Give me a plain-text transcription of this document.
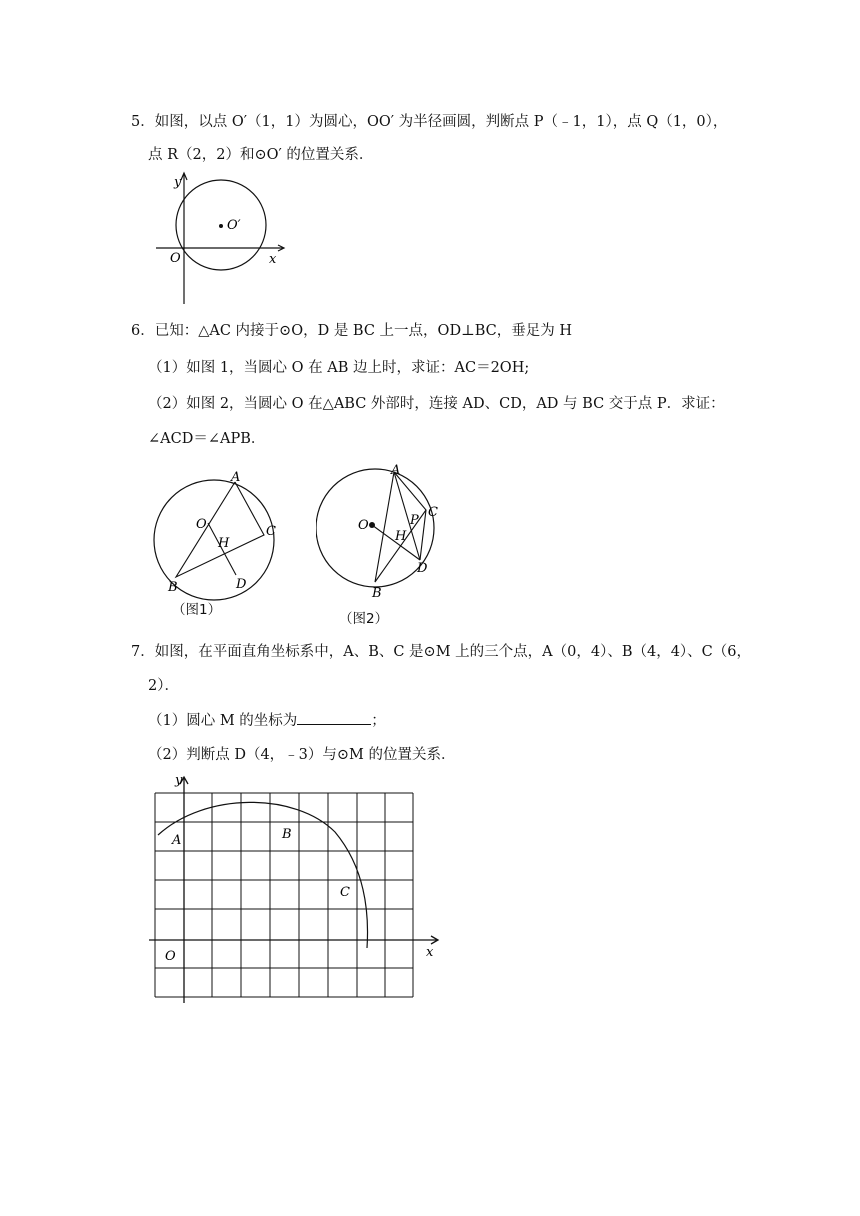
5．如图，以点 O′（1，1）为圆心，OO′ 为半径画圆，判断点 P（﹣1，1），点 Q（1，0），
点 R（2，2）和⊙O′ 的位置关系．
O′
y
x
O
6．已知：△AC 内接于⊙O，D 是 BC 上一点，OD⊥BC，垂足为 H
（1）如图 1，当圆心 O 在 AB 边上时，求证：AC＝2OH;
（2）如图 2，当圆心 O 在△ABC 外部时，连接 AD、CD，AD 与 BC 交于点 P．求证：
∠ACD＝∠APB．
A
C
B	D
O
H
（图1）
A
C
B
D
O
H
P
（图2）
7．如图，在平面直角坐标系中，A、B、C 是⊙M 上的三个点，A（0，4）、B（4，4）、C（6，
2）．
（1）圆心 M 的坐标为	；
（2）判断点 D（4，﹣3）与⊙M 的位置关系．
y
x
O
A	B
C
